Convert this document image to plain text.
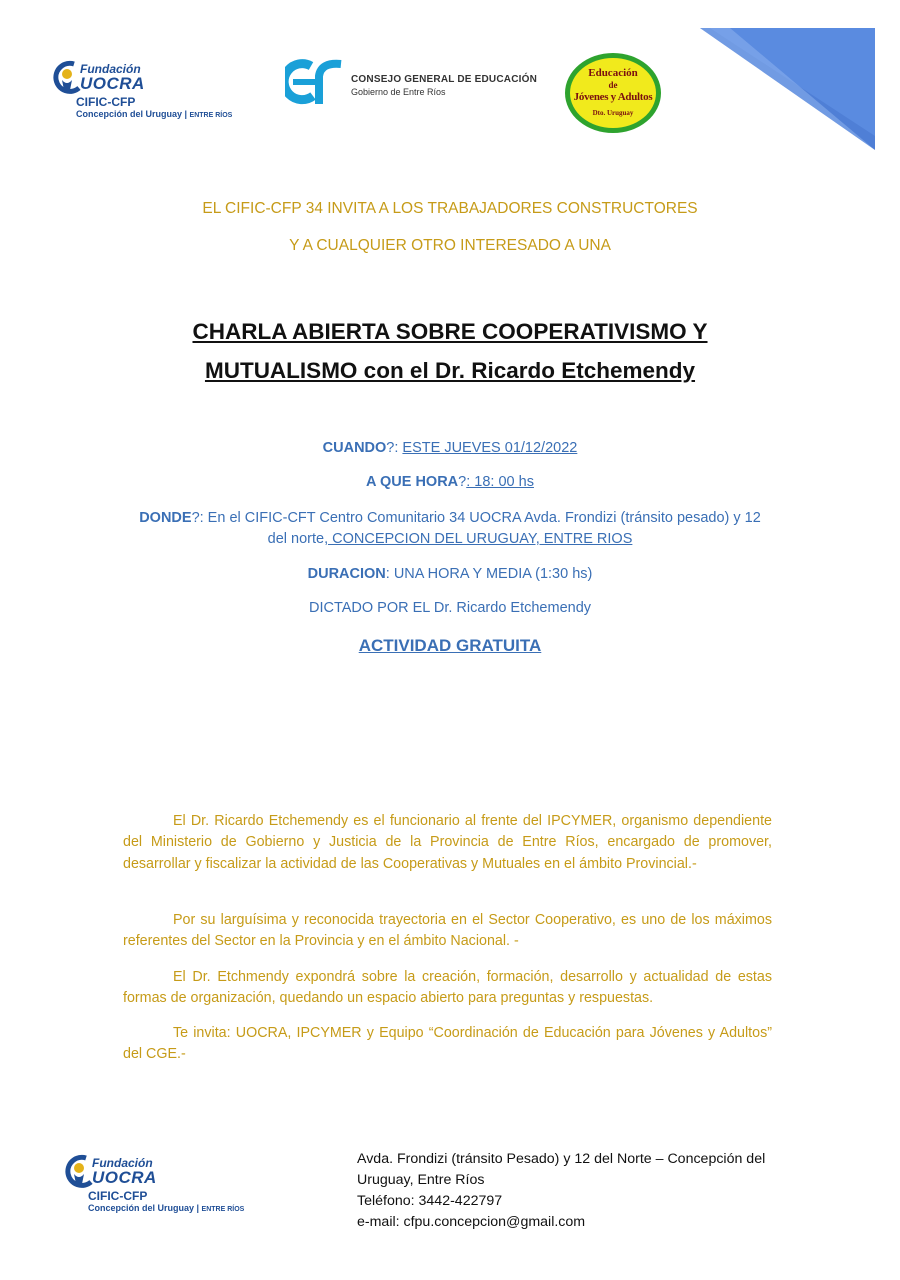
Fundación
UOCRA
CIFIC-CFP
Concepción del Uruguay | ENTRE RÍOS
CONSEJO GENERAL DE EDUCACIÓN
Gobierno de Entre Ríos
Educación
de
Jóvenes y Adultos
Dto. Uruguay
EL CIFIC-CFP 34 INVITA A LOS TRABAJADORES CONSTRUCTORES
Y A CUALQUIER OTRO INTERESADO A UNA
CHARLA ABIERTA SOBRE COOPERATIVISMO Y
MUTUALISMO con el Dr. Ricardo Etchemendy
CUANDO?: ESTE JUEVES 01/12/2022
A QUE HORA?: 18: 00 hs
DONDE?: En el CIFIC-CFT Centro Comunitario 34 UOCRA Avda. Frondizi (tránsito pesado) y 12
del norte, CONCEPCION DEL URUGUAY, ENTRE RIOS
DURACION: UNA HORA Y MEDIA (1:30 hs)
DICTADO POR EL Dr. Ricardo Etchemendy
ACTIVIDAD GRATUITA

El Dr. Ricardo Etchemendy es el funcionario al frente del IPCYMER, organismo dependiente del Ministerio de Gobierno y Justicia de la Provincia de Entre Ríos, encargado de promover, desarrollar y fiscalizar la actividad de las Cooperativas y Mutuales en el ámbito Provincial.-

Por su larguísima y reconocida trayectoria en el Sector Cooperativo, es uno de los máximos referentes del Sector en la Provincia y en el ámbito Nacional. -

El Dr. Etchmendy expondrá sobre la creación, formación, desarrollo y actualidad de estas formas de organización, quedando un espacio abierto para preguntas y respuestas.

Te invita: UOCRA, IPCYMER y Equipo “Coordinación de Educación para Jóvenes y Adultos” del CGE.-

Fundación
UOCRA
CIFIC-CFP
Concepción del Uruguay | ENTRE RÍOS
Avda. Frondizi (tránsito Pesado) y 12 del Norte – Concepción del
Uruguay, Entre Ríos
Teléfono: 3442-422797
e-mail: cfpu.concepcion@gmail.com
